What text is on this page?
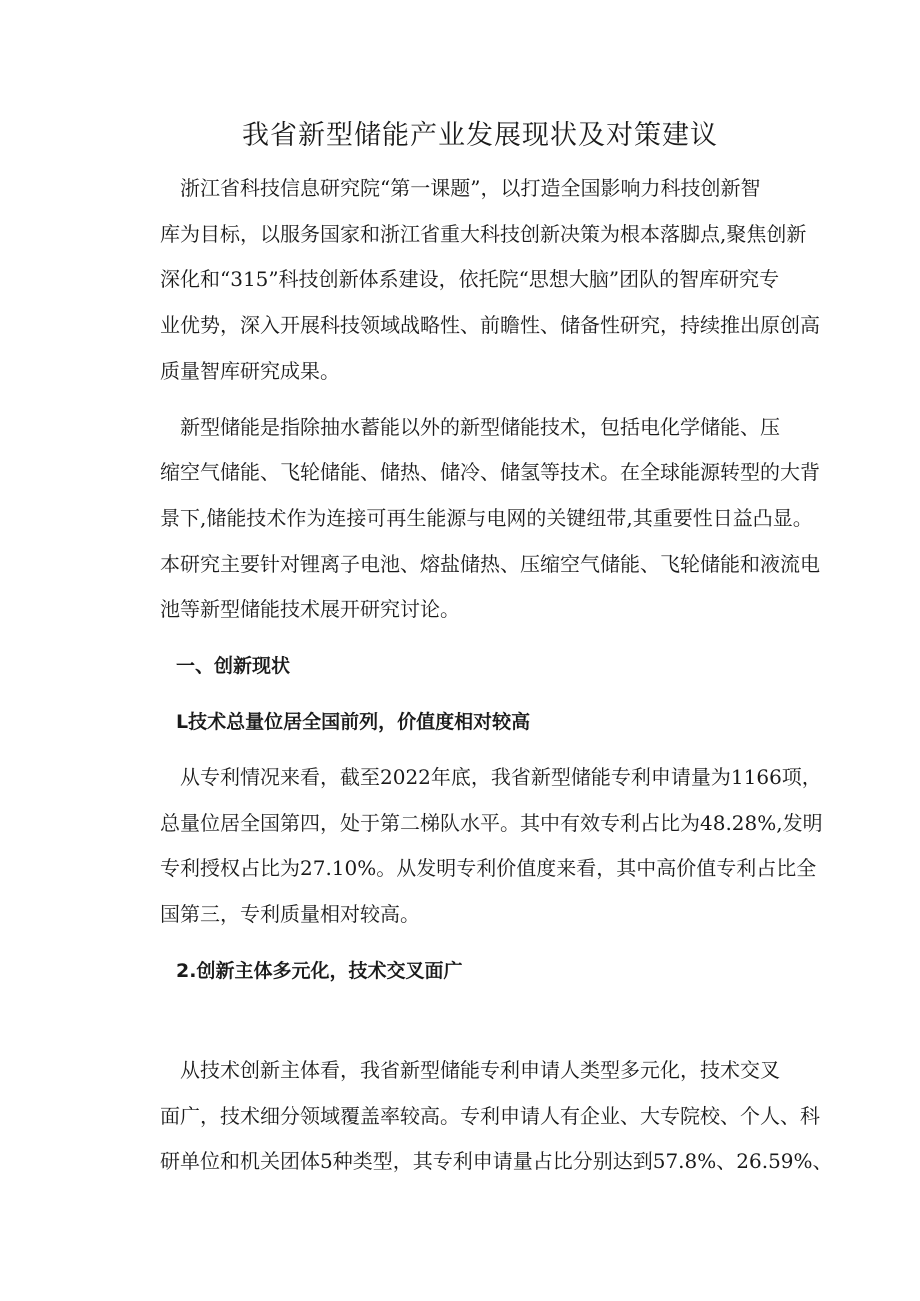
我省新型储能产业发展现状及对策建议
浙江省科技信息研究院“第一课题”，以打造全国影响力科技创新智
库为目标，以服务国家和浙江省重大科技创新决策为根本落脚点,聚焦创新
深化和“315”科技创新体系建设，依托院“思想大脑”团队的智库研究专
业优势，深入开展科技领域战略性、前瞻性、储备性研究，持续推出原创高
质量智库研究成果。
新型储能是指除抽水蓄能以外的新型储能技术，包括电化学储能、压
缩空气储能、飞轮储能、储热、储冷、储氢等技术。在全球能源转型的大背
景下,储能技术作为连接可再生能源与电网的关键纽带,其重要性日益凸显。
本研究主要针对锂离子电池、熔盐储热、压缩空气储能、飞轮储能和液流电
池等新型储能技术展开研究讨论。
一、创新现状
L技术总量位居全国前列，价值度相对较高
从专利情况来看，截至2022年底，我省新型储能专利申请量为1166项，
总量位居全国第四，处于第二梯队水平。其中有效专利占比为48.28%,发明
专利授权占比为27.10%。从发明专利价值度来看，其中高价值专利占比全
国第三，专利质量相对较高。
2.创新主体多元化，技术交叉面广
从技术创新主体看，我省新型储能专利申请人类型多元化，技术交叉
面广，技术细分领域覆盖率较高。专利申请人有企业、大专院校、个人、科
研单位和机关团体5种类型，其专利申请量占比分别达到57.8%、26.59%、
